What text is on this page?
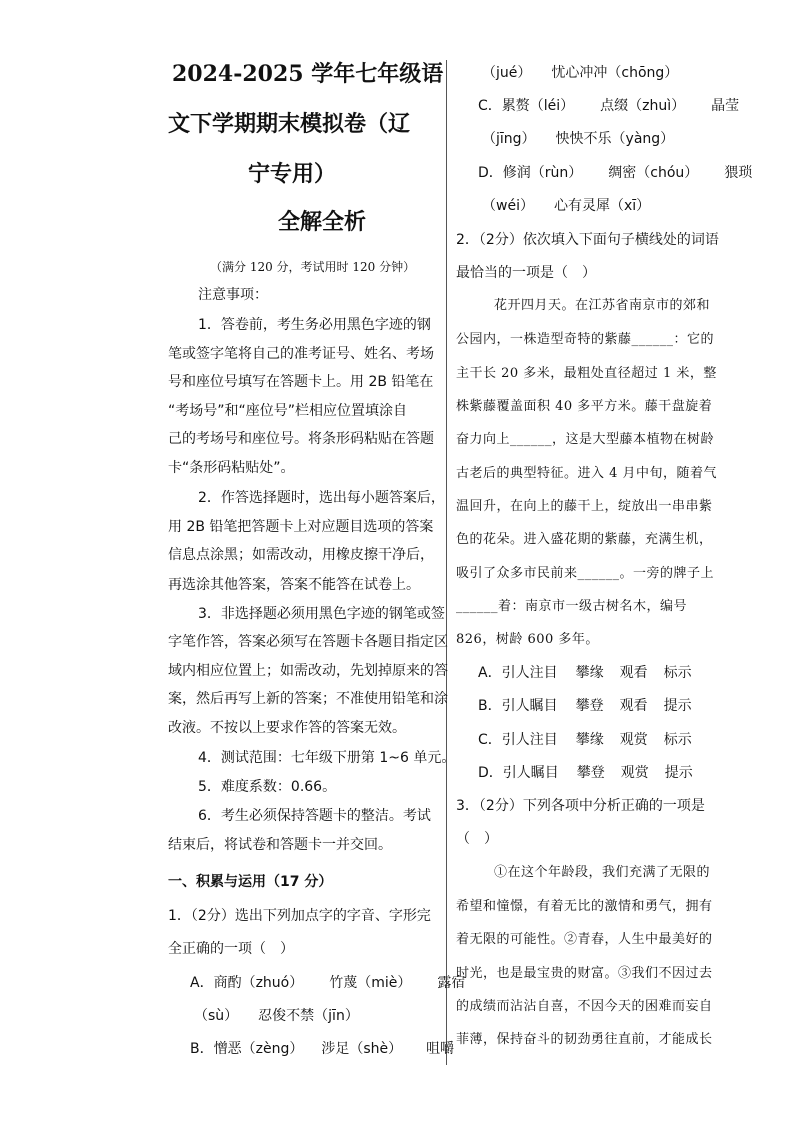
2024-2025 学年七年级语
文下学期期末模拟卷（辽
宁专用）
全解全析
（满分 120 分，考试用时 120 分钟）
注意事项：
1．答卷前，考生务必用黑色字迹的钢
笔或签字笔将自己的准考证号、姓名、考场
号和座位号填写在答题卡上。用 2B 铅笔在
“考场号”和“座位号”栏相应位置填涂自
己的考场号和座位号。将条形码粘贴在答题
卡“条形码粘贴处”。
2．作答选择题时，选出每小题答案后，
用 2B 铅笔把答题卡上对应题目选项的答案
信息点涂黑；如需改动，用橡皮擦干净后，
再选涂其他答案，答案不能答在试卷上。
3．非选择题必须用黑色字迹的钢笔或签
字笔作答，答案必须写在答题卡各题目指定区
域内相应位置上；如需改动，先划掉原来的答
案，然后再写上新的答案；不准使用铅笔和涂
改液。不按以上要求作答的答案无效。
4．测试范围：七年级下册第 1~6 单元。
5．难度系数：0.66。
6．考生必须保持答题卡的整洁。考试
结束后，将试卷和答题卡一并交回。
一、积累与运用（17 分）
1．（2分）选出下列加点字的字音、字形完
全正确的一项（　）
A．商酌（zhuó） 竹蔑（miè） 露宿
（sù） 忍俊不禁（jīn）
B．憎恶（zèng） 涉足（shè） 咀嚼
（jué） 忧心冲冲（chōng）
C．累赘（léi） 点缀（zhuì） 晶莹
（jīng） 怏怏不乐（yàng）
D．修润（rùn） 绸密（chóu） 猥琐
（wéi） 心有灵犀（xī）
2．（2分）依次填入下面句子横线处的词语
最恰当的一项是（　）
花开四月天。在江苏省南京市的郊和
公园内，一株造型奇特的紫藤______：它的
主干长 20 多米，最粗处直径超过 1 米，整
株紫藤覆盖面积 40 多平方米。藤干盘旋着
奋力向上______，这是大型藤本植物在树龄
古老后的典型特征。进入 4 月中旬，随着气
温回升，在向上的藤干上，绽放出一串串紫
色的花朵。进入盛花期的紫藤，充满生机，
吸引了众多市民前来______。一旁的牌子上
______着：南京市一级古树名木，编号
826，树龄 600 多年。
A．引人注目 攀缘 观看 标示
B．引人瞩目 攀登 观看 提示
C．引人注目 攀缘 观赏 标示
D．引人瞩目 攀登 观赏 提示
3．（2分）下列各项中分析正确的一项是
（　）
①在这个年龄段，我们充满了无限的
希望和憧憬，有着无比的激情和勇气，拥有
着无限的可能性。②青春，人生中最美好的
时光，也是最宝贵的财富。③我们不因过去
的成绩而沾沾自喜，不因今天的困难而妄自
菲薄，保持奋斗的韧劲勇往直前，才能成长
